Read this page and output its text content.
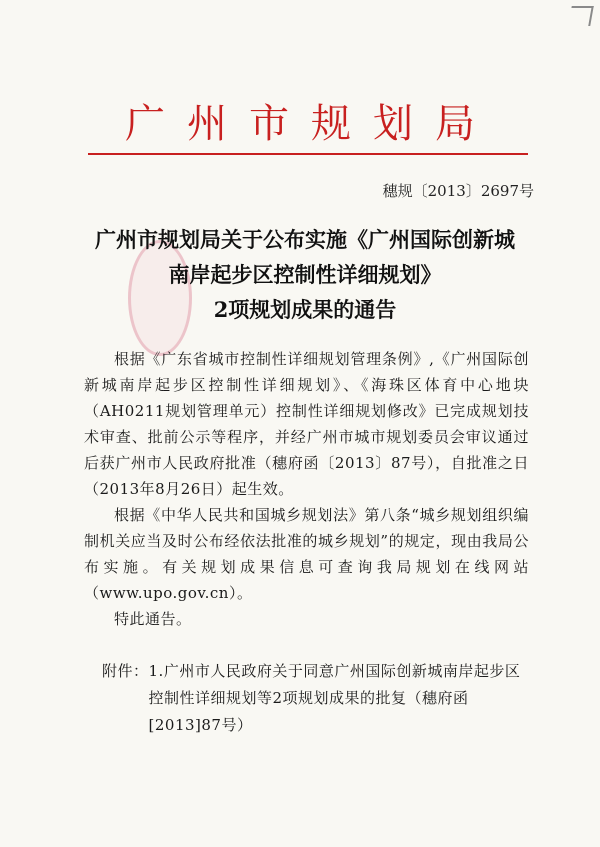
广州市规划局
穗规〔2013〕2697号
广州市规划局关于公布实施《广州国际创新城
南岸起步区控制性详细规划》
2项规划成果的通告

根据《广东省城市控制性详细规划管理条例》,《广州国际创新城南岸起步区控制性详细规划》、《海珠区体育中心地块（AH0211规划管理单元）控制性详细规划修改》已完成规划技术审查、批前公示等程序，并经广州市城市规划委员会审议通过后获广州市人民政府批准（穗府函〔2013〕87号），自批准之日（2013年8月26日）起生效。

根据《中华人民共和国城乡规划法》第八条“城乡规划组织编制机关应当及时公布经依法批准的城乡规划”的规定，现由我局公布实施。有关规划成果信息可查询我局规划在线网站（www.upo.gov.cn）。

特此通告。

附件： 1.广州市人民政府关于同意广州国际创新城南岸起步区控制性详细规划等2项规划成果的批复（穗府函[2013]87号）
